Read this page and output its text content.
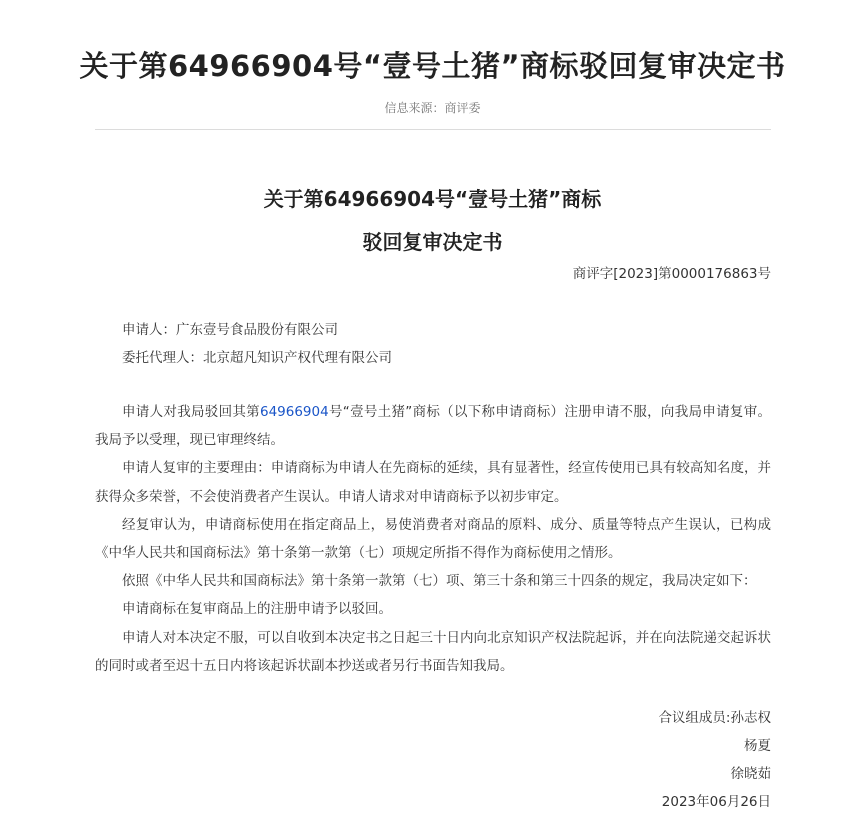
关于第64966904号“壹号土猪”商标驳回复审决定书
信息来源：商评委
关于第64966904号“壹号土猪”商标
驳回复审决定书
商评字[2023]第0000176863号
申请人：广东壹号食品股份有限公司
委托代理人：北京超凡知识产权代理有限公司

申请人对我局驳回其第64966904号“壹号土猪”商标（以下称申请商标）注册申请不服，向我局申请复审。我局予以受理，现已审理终结。

申请人复审的主要理由：申请商标为申请人在先商标的延续，具有显著性，经宣传使用已具有较高知名度，并获得众多荣誉，不会使消费者产生误认。申请人请求对申请商标予以初步审定。

经复审认为，申请商标使用在指定商品上，易使消费者对商品的原料、成分、质量等特点产生误认，已构成《中华人民共和国商标法》第十条第一款第（七）项规定所指不得作为商标使用之情形。

依照《中华人民共和国商标法》第十条第一款第（七）项、第三十条和第三十四条的规定，我局决定如下：

申请商标在复审商品上的注册申请予以驳回。

申请人对本决定不服，可以自收到本决定书之日起三十日内向北京知识产权法院起诉，并在向法院递交起诉状的同时或者至迟十五日内将该起诉状副本抄送或者另行书面告知我局。

合议组成员:孙志权
杨夏
徐晓茹
2023年06月26日
